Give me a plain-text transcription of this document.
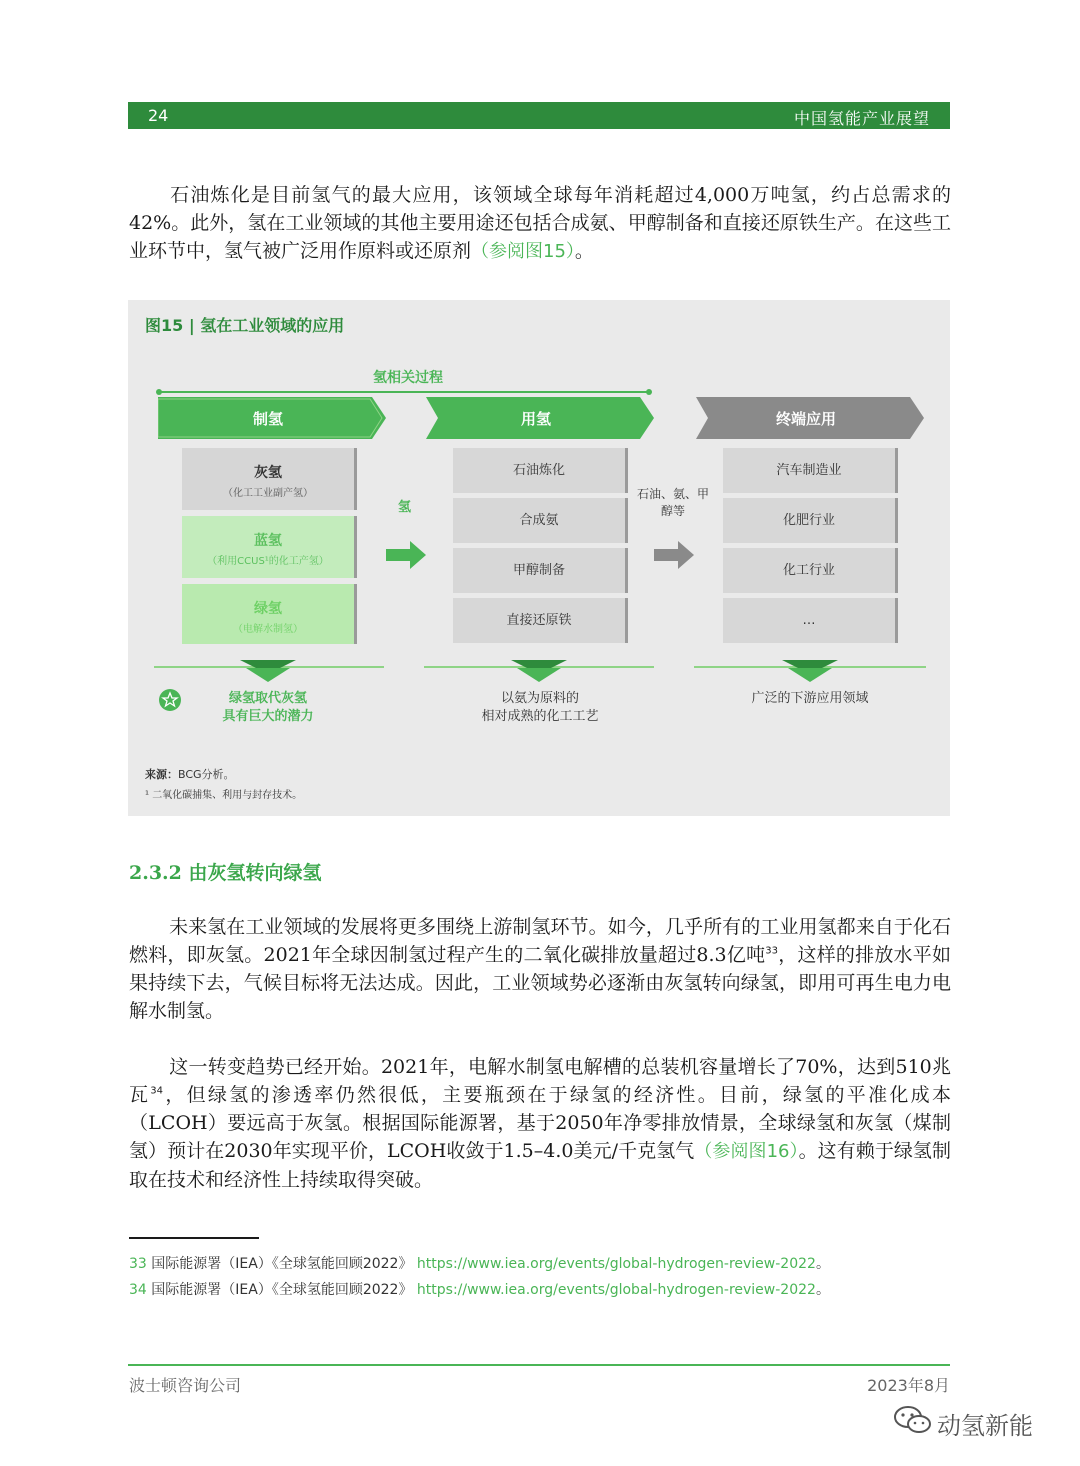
24	中国氢能产业展望

石油炼化是目前氢气的最大应用，该领域全球每年消耗超过4,000万吨氢，约占总需求的42%。此外，氢在工业领域的其他主要用途还包括合成氨、甲醇制备和直接还原铁生产。在这些工业环节中，氢气被广泛用作原料或还原剂（参阅图15）。

图15 | 氢在工业领域的应用
氢相关过程
制氢	用氢	终端应用
灰氢
（化工工业副产氢）
蓝氢
（利用CCUS¹的化工产氢）
绿氢
（电解水制氢）
氢
石油炼化
合成氨
甲醇制备
直接还原铁
石油、氨、甲醇等
汽车制造业
化肥行业
化工行业
…
绿氢取代灰氢
具有巨大的潜力
以氨为原料的
相对成熟的化工工艺
广泛的下游应用领域
来源：BCG分析。
¹ 二氧化碳捕集、利用与封存技术。
2.3.2 由灰氢转向绿氢

未来氢在工业领域的发展将更多围绕上游制氢环节。如今，几乎所有的工业用氢都来自于化石燃料，即灰氢。2021年全球因制氢过程产生的二氧化碳排放量超过8.3亿吨$^{33}$，这样的排放水平如果持续下去，气候目标将无法达成。因此，工业领域势必逐渐由灰氢转向绿氢，即用可再生电力电解水制氢。

这一转变趋势已经开始。2021年，电解水制氢电解槽的总装机容量增长了70%，达到510兆瓦$^{34}$，但绿氢的渗透率仍然很低，主要瓶颈在于绿氢的经济性。目前，绿氢的平准化成本（LCOH）要远高于灰氢。根据国际能源署，基于2050年净零排放情景，全球绿氢和灰氢（煤制氢）预计在2030年实现平价，LCOH收敛于1.5–4.0美元/千克氢气（参阅图16）。这有赖于绿氢制取在技术和经济性上持续取得突破。

33 国际能源署（IEA）《全球氢能回顾2022》 https://www.iea.org/events/global-hydrogen-review-2022。
34 国际能源署（IEA）《全球氢能回顾2022》 https://www.iea.org/events/global-hydrogen-review-2022。
波士顿咨询公司	2023年8月
动氢新能
